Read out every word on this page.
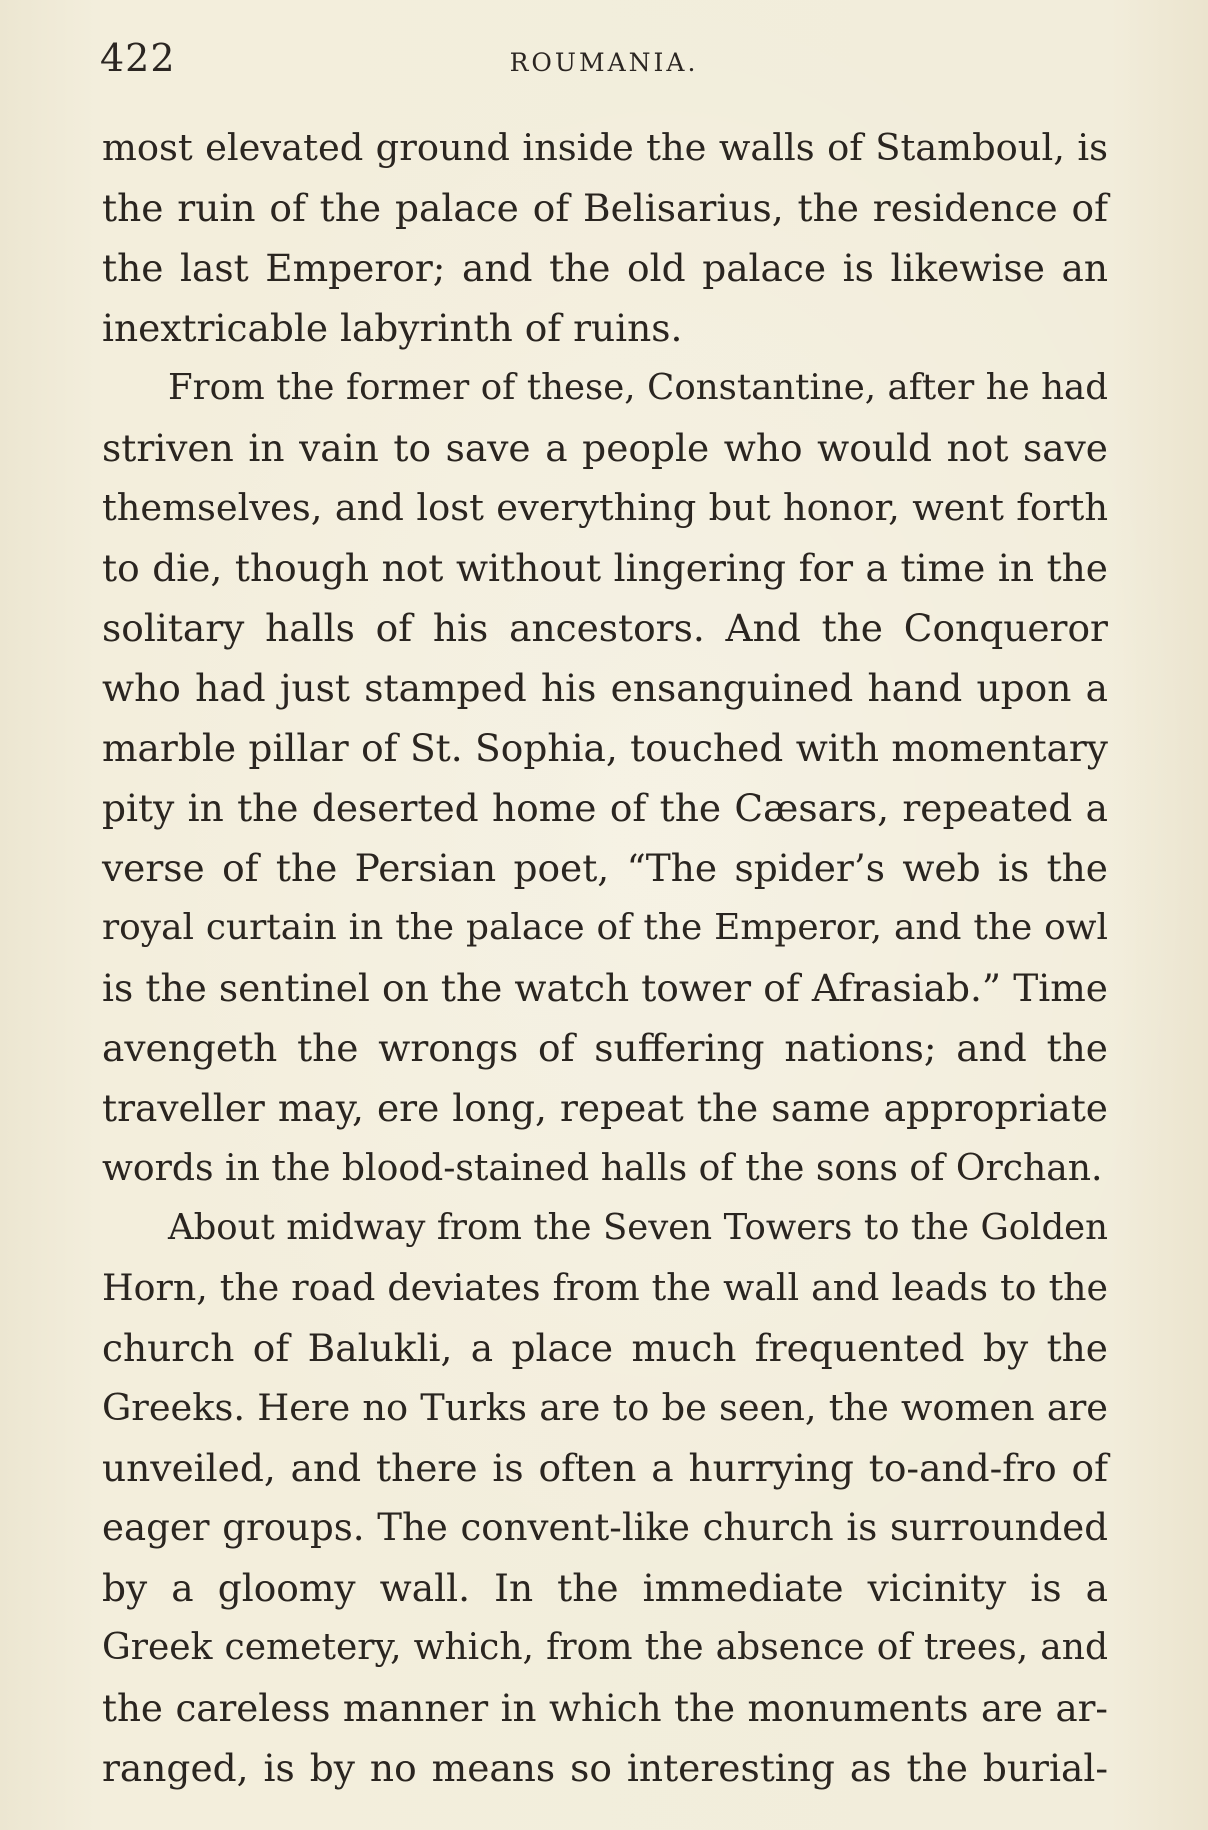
422	ROUMANIA.
most elevated ground inside the walls of Stamboul, is
the ruin of the palace of Belisarius, the residence of
the last Emperor; and the old palace is likewise an
inextricable labyrinth of ruins.
From the former of these, Constantine, after he had
striven in vain to save a people who would not save
themselves, and lost everything but honor, went forth
to die, though not without lingering for a time in the
solitary halls of his ancestors. And the Conqueror
who had just stamped his ensanguined hand upon a
marble pillar of St. Sophia, touched with momentary
pity in the deserted home of the Cæsars, repeated a
verse of the Persian poet, “The spider’s web is the
royal curtain in the palace of the Emperor, and the owl
is the sentinel on the watch tower of Afrasiab.” Time
avengeth the wrongs of suffering nations; and the
traveller may, ere long, repeat the same appropriate
words in the blood-stained halls of the sons of Orchan.
About midway from the Seven Towers to the Golden
Horn, the road deviates from the wall and leads to the
church of Balukli, a place much frequented by the
Greeks. Here no Turks are to be seen, the women are
unveiled, and there is often a hurrying to-and-fro of
eager groups. The convent-like church is surrounded
by a gloomy wall. In the immediate vicinity is a
Greek cemetery, which, from the absence of trees, and
the careless manner in which the monuments are ar-
ranged, is by no means so interesting as the burial-
